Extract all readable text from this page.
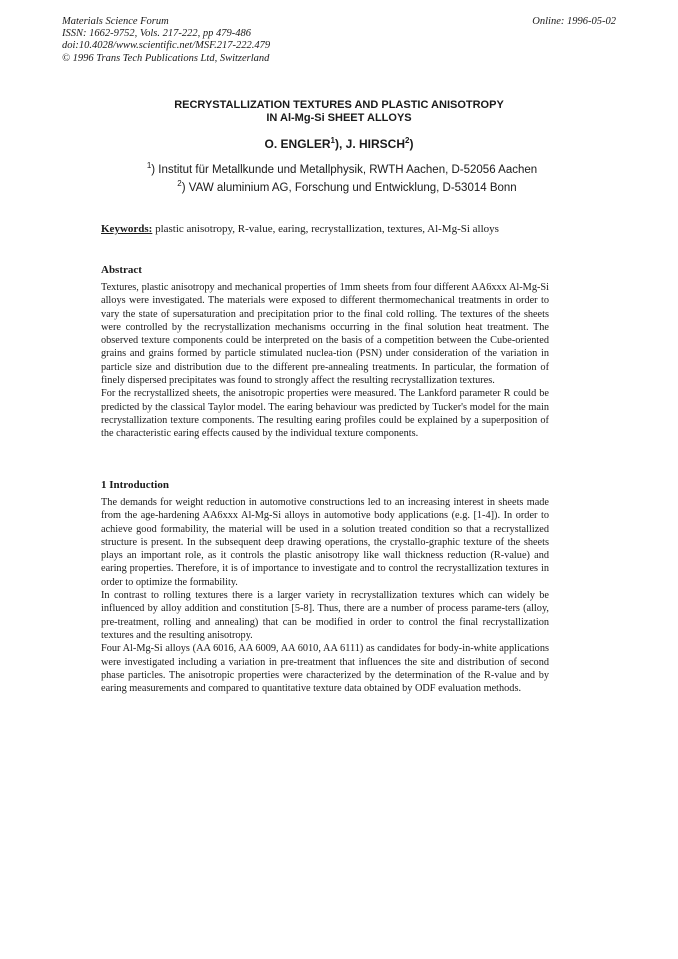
Materials Science Forum
ISSN: 1662-9752, Vols. 217-222, pp 479-486
doi:10.4028/www.scientific.net/MSF.217-222.479
© 1996 Trans Tech Publications Ltd, Switzerland
Online: 1996-05-02
RECRYSTALLIZATION TEXTURES AND PLASTIC ANISOTROPY
IN Al-Mg-Si SHEET ALLOYS
O. ENGLER$^1$), J. HIRSCH$^2$)
$^1$) Institut für Metallkunde und Metallphysik, RWTH Aachen, D-52056 Aachen
$^2$) VAW aluminium AG, Forschung und Entwicklung, D-53014 Bonn
Keywords: plastic anisotropy, R-value, earing, recrystallization, textures, Al-Mg-Si alloys
Abstract

Textures, plastic anisotropy and mechanical properties of 1mm sheets from four different AA6xxx Al-Mg-Si alloys were investigated. The materials were exposed to different thermomechanical treatments in order to vary the state of supersaturation and precipitation prior to the final cold rolling. The textures of the sheets were controlled by the recrystallization mechanisms occurring in the final solution heat treatment. The observed texture components could be interpreted on the basis of a competition between the Cube-oriented grains and grains formed by particle stimulated nuclea-tion (PSN) under consideration of the variation in particle size and distribution due to the different pre-annealing treatments. In particular, the formation of finely dispersed precipitates was found to strongly affect the resulting recrystallization textures.

For the recrystallized sheets, the anisotropic properties were measured. The Lankford parameter R could be predicted by the classical Taylor model. The earing behaviour was predicted by Tucker's model for the main recrystallization texture components. The resulting earing profiles could be explained by a superposition of the characteristic earing effects caused by the individual texture components.

1 Introduction

The demands for weight reduction in automotive constructions led to an increasing interest in sheets made from the age-hardening AA6xxx Al-Mg-Si alloys in automotive body applications (e.g. [1-4]). In order to achieve good formability, the material will be used in a solution treated condition so that a recrystallized structure is present. In the subsequent deep drawing operations, the crystallo-graphic texture of the sheets plays an important role, as it controls the plastic anisotropy like wall thickness reduction (R-value) and earing properties. Therefore, it is of importance to investigate and to control the recrystallization textures in order to optimize the formability.

In contrast to rolling textures there is a larger variety in recrystallization textures which can widely be influenced by alloy addition and constitution [5-8]. Thus, there are a number of process parame-ters (alloy, pre-treatment, rolling and annealing) that can be modified in order to control the final recrystallization textures and the resulting anisotropy.

Four Al-Mg-Si alloys (AA 6016, AA 6009, AA 6010, AA 6111) as candidates for body-in-white applications were investigated including a variation in pre-treatment that influences the site and distribution of second phase particles. The anisotropic properties were characterized by the determination of the R-value and by earing measurements and compared to quantitative texture data obtained by ODF evaluation methods.
